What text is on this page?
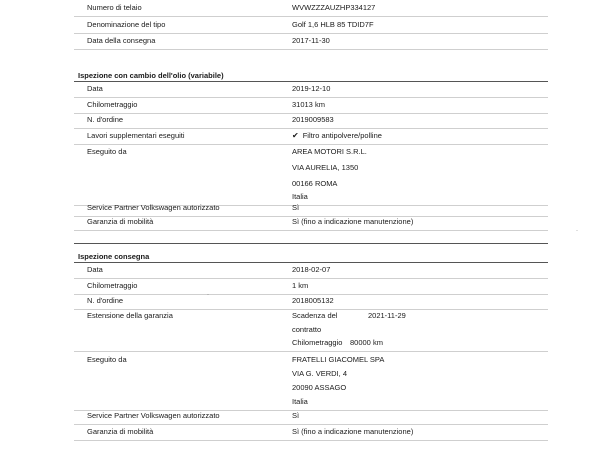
Numero di telaio	WVWZZZAUZHP334127
Denominazione del tipo	Golf 1,6 HLB 85 TDID7F
Data della consegna	2017-11-30
Ispezione con cambio dell'olio (variabile)
Data	2019-12-10
Chilometraggio	31013 km
N. d'ordine	2019009583
Lavori supplementari eseguiti	✔ Filtro antipolvere/polline
Eseguito da	AREA MOTORI S.R.L.
VIA AURELIA, 1350
00166 ROMA
Italia
Service Partner Volkswagen autorizzato	Sì
Garanzia di mobilità	Sì (fino a indicazione manutenzione)
Ispezione consegna
Data	2018-02-07
Chilometraggio	1 km
N. d'ordine	2018005132
Estensione della garanzia	Scadenza del	2021-11-29
contratto
Chilometraggio 80000 km
Eseguito da	FRATELLI GIACOMEL SPA
VIA G. VERDI, 4
20090 ASSAGO
Italia
Service Partner Volkswagen autorizzato	Sì
Garanzia di mobilità	Sì (fino a indicazione manutenzione)
·
·
